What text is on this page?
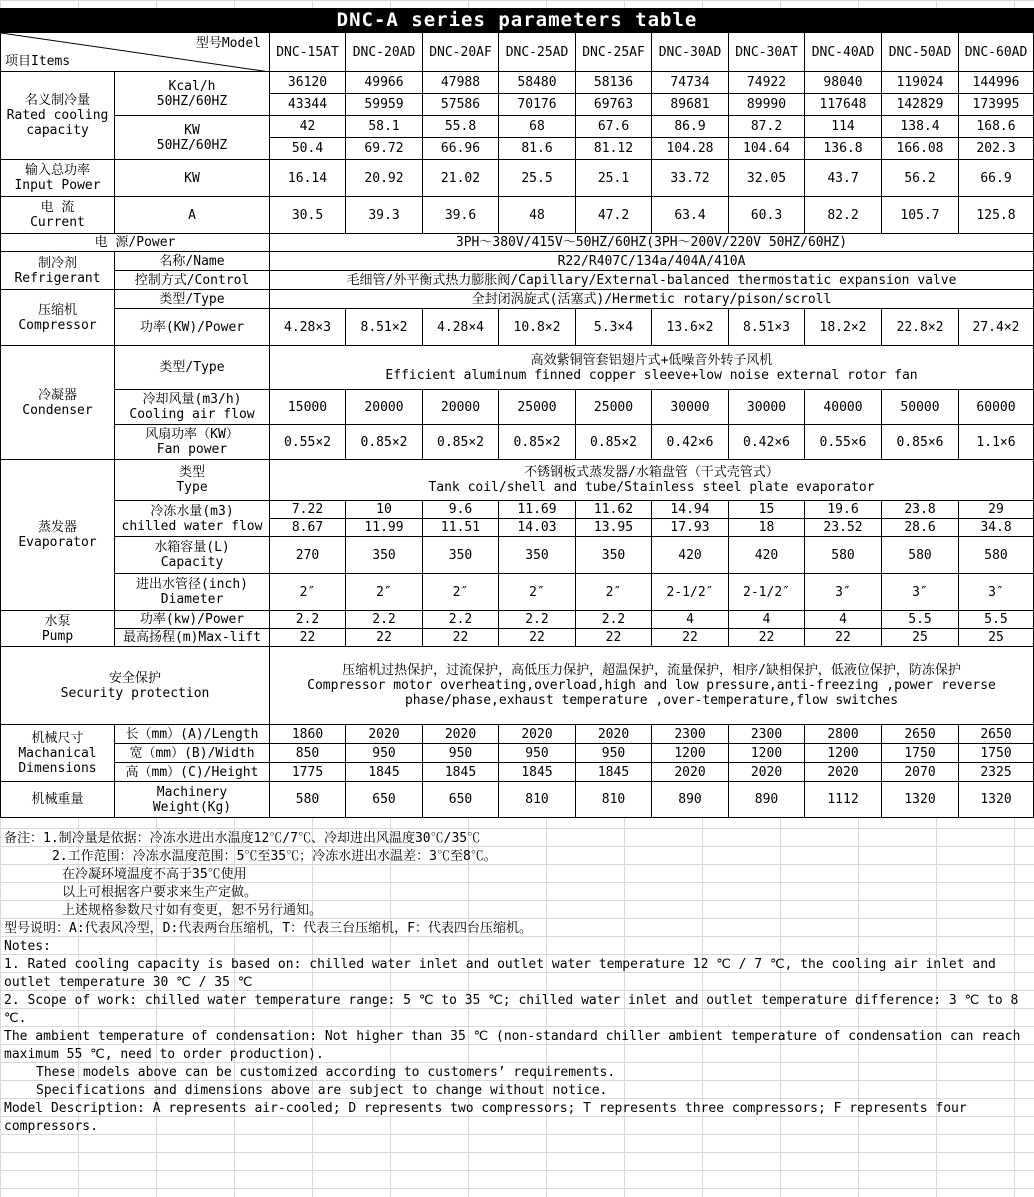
DNC-A series parameters table
型号Model
项目Items		DNC-15AT	DNC-20AD	DNC-20AF	DNC-25AD	DNC-25AF	DNC-30AD	DNC-30AT	DNC-40AD	DNC-50AD	DNC-60AD

名义制冷量
Rated cooling capacity	Kcal/h
50HZ/60HZ	36120	49966	47988	58480	58136	74734	74922	98040	119024	144996
		43344	59959	57586	70176	69763	89681	89990	117648	142829	173995

	KW
50HZ/60HZ	42	58.1	55.8	68	67.6	86.9	87.2	114	138.4	168.6
		50.4	69.72	66.96	81.6	81.12	104.28	104.64	136.8	166.08	202.3

输入总功率
Input Power	KW	16.14	20.92	21.02	25.5	25.1	33.72	32.05	43.7	56.2	66.9

电 流
Current	A	30.5	39.3	39.6	48	47.2	63.4	60.3	82.2	105.7	125.8
电 源/Power		3PH～380V/415V～50HZ/60HZ(3PH～200V/220V 50HZ/60HZ)									

制冷剂
Refrigerant	名称/Name	R22/R407C/134a/404A/410A									
	控制方式/Control	毛细管/外平衡式热力膨胀阀/Capillary/External-balanced thermostatic expansion valve									

压缩机
Compressor	类型/Type	全封闭涡旋式(活塞式)/Hermetic rotary/pison/scroll									
	功率(KW)/Power	4.28×3	8.51×2	4.28×4	10.8×2	5.3×4	13.6×2	8.51×3	18.2×2	22.8×2	27.4×2

冷凝器
Condenser	类型/Type	高效紫铜管套铝翅片式+低噪音外转子风机
Efficient aluminum finned copper sleeve+low noise external rotor fan									

	冷却风量(m3/h)
Cooling air flow	15000	20000	20000	25000	25000	30000	30000	40000	50000	60000

	风扇功率（KW）
Fan power	0.55×2	0.85×2	0.85×2	0.85×2	0.85×2	0.42×6	0.42×6	0.55×6	0.85×6	1.1×6

蒸发器
Evaporator	类型
Type	不锈钢板式蒸发器/水箱盘管（干式壳管式）
Tank coil/shell and tube/Stainless steel plate evaporator									

	冷冻水量(m3)
chilled water flow	7.22	10	9.6	11.69	11.62	14.94	15	19.6	23.8	29
		8.67	11.99	11.51	14.03	13.95	17.93	18	23.52	28.6	34.8

	水箱容量(L)
Capacity	270	350	350	350	350	420	420	580	580	580

	进出水管径(inch)
Diameter	2″	2″	2″	2″	2″	2-1/2″	2-1/2″	3″	3″	3″

水泵
Pump	功率(kw)/Power	2.2	2.2	2.2	2.2	2.2	4	4	4	5.5	5.5
	最高扬程(m)Max-lift	22	22	22	22	22	22	22	22	25	25

安全保护
Security protection		压缩机过热保护，过流保护，高低压力保护，超温保护，流量保护，相序/缺相保护，低液位保护，防冻保护
Compressor motor overheating,overload,high and low pressure,anti-freezing ,power reverse phase/phase,exhaust temperature ,over-temperature,flow switches									

机械尺寸
Machanical
Dimensions	长（mm）(A)/Length	1860	2020	2020	2020	2020	2300	2300	2800	2650	2650
	宽（mm）(B)/Width	850	950	950	950	950	1200	1200	1200	1750	1750
	高（mm）(C)/Height	1775	1845	1845	1845	1845	2020	2020	2020	2070	2325
机械重量	Machinery
Weight(Kg)	580	650	650	810	810	890	890	1112	1320	1320
备注：1.制冷量是依据：冷冻水进出水温度12℃/7℃、冷却进出风温度30℃/35℃
2.工作范围：冷冻水温度范围：5℃至35℃；冷冻水进出水温差：3℃至8℃。
在冷凝环境温度不高于35℃使用
以上可根据客户要求来生产定做。
上述规格参数尺寸如有变更，恕不另行通知。
型号说明：A:代表风冷型，D:代表两台压缩机，T：代表三台压缩机，F：代表四台压缩机。
Notes:
1. Rated cooling capacity is based on: chilled water inlet and outlet water temperature 12 ℃ / 7 ℃, the cooling air inlet and outlet temperature 30 ℃ / 35 ℃
2. Scope of work: chilled water temperature range: 5 ℃ to 35 ℃; chilled water inlet and outlet temperature difference: 3 ℃ to 8 ℃.
The ambient temperature of condensation: Not higher than 35 ℃ (non-standard chiller ambient temperature of condensation can reach maximum 55 ℃, need to order production).
These models above can be customized according to customers’ requirements.
Specifications and dimensions above are subject to change without notice.
Model Description: A represents air-cooled; D represents two compressors; T represents three compressors; F represents four compressors.
